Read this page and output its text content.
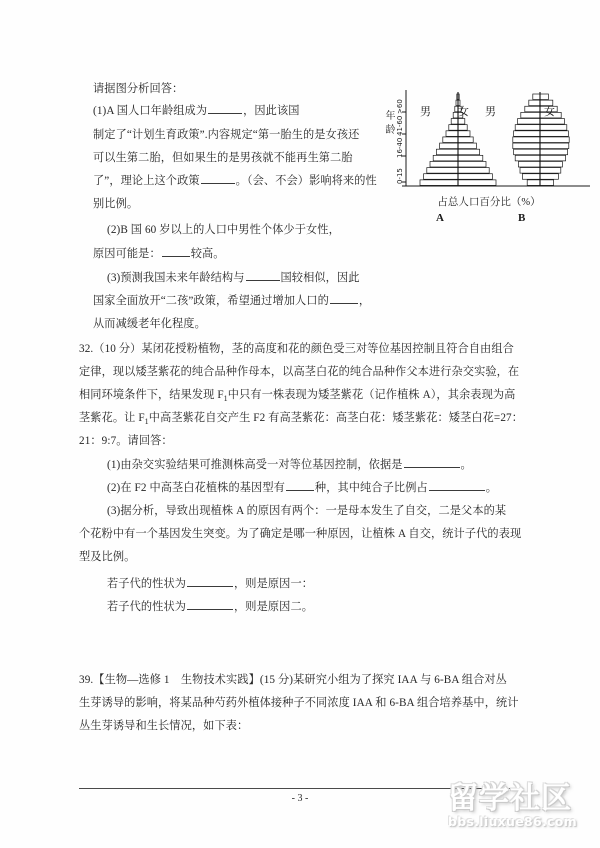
请据图分析回答：
(1)A 国人口年龄组成为	，因此该国
制定了“计划生育政策”.内容规定“第一胎生的是女孩还
可以生第二胎，但如果生的是男孩就不能再生第二胎
了”，理论上这个政策	。（会、不会）影响将来的性
别比例。
(2)B 国 60 岁以上的人口中男性个体少于女性，
原因可能是：	较高。
(3)预测我国未来年龄结构与	国较相似，因此
国家全面放开“二孩”政策，希望通过增加人口的	，
从而减缓老年化程度。
32.（10 分）某闭花授粉植物，茎的高度和花的颜色受三对等位基因控制且符合自由组合
定律，现以矮茎紫花的纯合品种作母本，以高茎白花的纯合品种作父本进行杂交实验，在
相同环境条件下，结果发现 $F_1$中只有一株表现为矮茎紫花（记作植株 A），其余表现为高
茎紫花。让 $F_1$中高茎紫花自交产生 F2 有高茎紫花：高茎白花：矮茎紫花：矮茎白花=27：
21：9:7。请回答：
(1)由杂交实验结果可推测株高受一对等位基因控制，依据是	。
(2)在 F2 中高茎白花植株的基因型有	种，其中纯合子比例占	。
(3)据分析，导致出现植株 A 的原因有两个：一是母本发生了自交，二是父本的某
个花粉中有一个基因发生突变。为了确定是哪一种原因，让植株 A 自交，统计子代的表现
型及比例。
若子代的性状为	，则是原因一：
若子代的性状为	，则是原因二。
39.【生物—选修 1　生物技术实践】(15 分)某研究小组为了探究 IAA 与 6-BA 组合对丛
生芽诱导的影响，将某品种芍药外植体接种子不同浓度 IAA 和 6-BA 组合培养基中，统计
丛生芽诱导和生长情况，如下表：
年龄
0-15
16-40
41-60
>60 男 女 男	女
占总人口百分比（%）
A	B
- 3 -	留学社区
bbs.liuxue86.com
